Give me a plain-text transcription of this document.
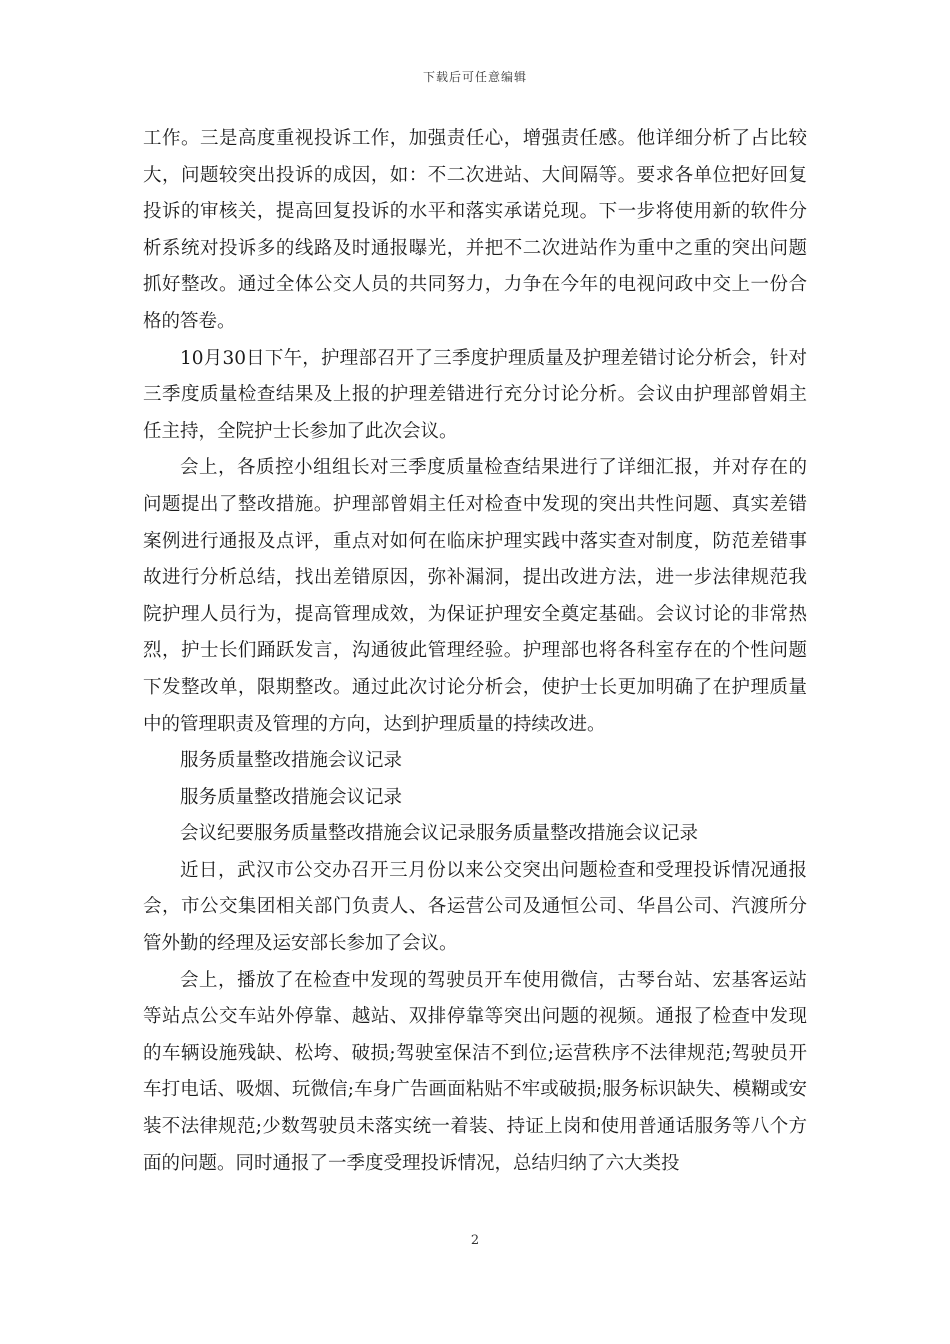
下载后可任意编辑

工作。三是高度重视投诉工作，加强责任心，增强责任感。他详细分析了占比较大，问题较突出投诉的成因，如：不二次进站、大间隔等。要求各单位把好回复投诉的审核关，提高回复投诉的水平和落实承诺兑现。下一步将使用新的软件分析系统对投诉多的线路及时通报曝光，并把不二次进站作为重中之重的突出问题抓好整改。通过全体公交人员的共同努力，力争在今年的电视问政中交上一份合格的答卷。

10月30日下午，护理部召开了三季度护理质量及护理差错讨论分析会，针对三季度质量检查结果及上报的护理差错进行充分讨论分析。会议由护理部曾娟主任主持，全院护士长参加了此次会议。

会上，各质控小组组长对三季度质量检查结果进行了详细汇报，并对存在的问题提出了整改措施。护理部曾娟主任对检查中发现的突出共性问题、真实差错案例进行通报及点评，重点对如何在临床护理实践中落实查对制度，防范差错事故进行分析总结，找出差错原因，弥补漏洞，提出改进方法，进一步法律规范我院护理人员行为，提高管理成效，为保证护理安全奠定基础。会议讨论的非常热烈，护士长们踊跃发言，沟通彼此管理经验。护理部也将各科室存在的个性问题下发整改单，限期整改。通过此次讨论分析会，使护士长更加明确了在护理质量中的管理职责及管理的方向，达到护理质量的持续改进。

服务质量整改措施会议记录

服务质量整改措施会议记录

会议纪要服务质量整改措施会议记录服务质量整改措施会议记录

近日，武汉市公交办召开三月份以来公交突出问题检查和受理投诉情况通报会，市公交集团相关部门负责人、各运营公司及通恒公司、华昌公司、汽渡所分管外勤的经理及运安部长参加了会议。

会上，播放了在检查中发现的驾驶员开车使用微信，古琴台站、宏基客运站等站点公交车站外停靠、越站、双排停靠等突出问题的视频。通报了检查中发现的车辆设施残缺、松垮、破损;驾驶室保洁不到位;运营秩序不法律规范;驾驶员开车打电话、吸烟、玩微信;车身广告画面粘贴不牢或破损;服务标识缺失、模糊或安装不法律规范;少数驾驶员未落实统一着装、持证上岗和使用普通话服务等八个方面的问题。同时通报了一季度受理投诉情况，总结归纳了六大类投

2
